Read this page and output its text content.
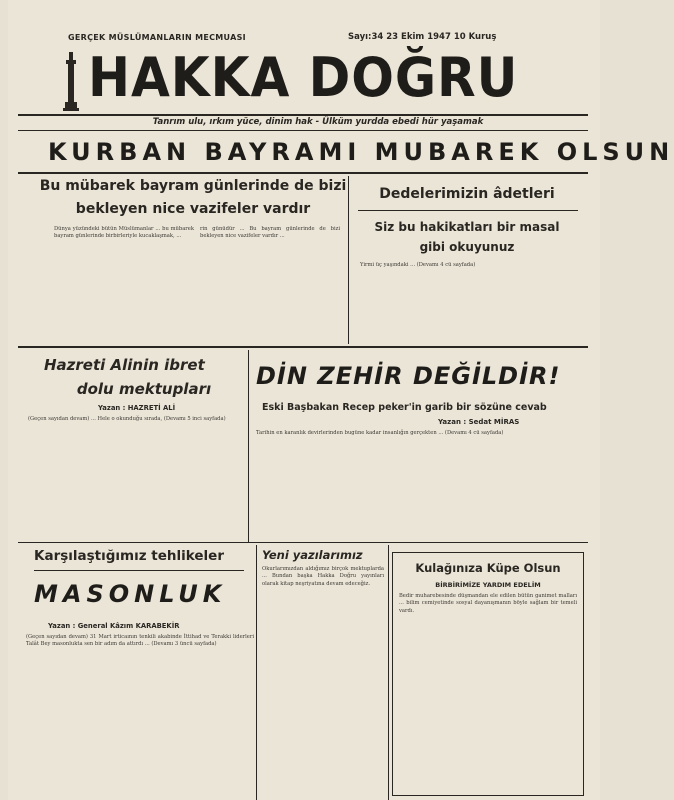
GERÇEK MÜSLÜMANLARIN MECMUASI	Sayı:34 23 Ekim 1947 10 Kuruş
HAKKA DOĞRU
Tanrım ulu, ırkım yüce, dinim hak - Ülküm yurdda ebedi hür yaşamak
KURBAN BAYRAMI MUBAREK OLSUN
Bu mübarek bayram günlerinde de bizi
bekleyen nice vazifeler vardır
Dünya yüzündeki bütün Müslümanlar ... bu mübarek bayram günlerinde birbirleriyle kucaklaşmak, ...
rin günüdür ... Bu bayram günlerinde de bizi bekleyen nice vazifeler vardır ...
Dedelerimizin âdetleri
Siz bu hakikatları bir masal
gibi okuyunuz
Yirmi üç yaşındaki ... (Devamı 4 cü sayfada)
Hazreti Alinin ibret
dolu mektupları
Yazan : HAZRETİ ALİ
(Geçen sayıdan devam) ... Hele o okunduğu sırada, (Devamı 5 inci sayfada)
DİN ZEHİR DEĞİLDİR!
Eski Başbakan Recep peker'in garib bir sözüne cevab
Yazan : Sedat MİRAS
Tarihin en karanlık devirlerinden bugüne kadar insanlığın gerçekten ... (Devamı 4 cü sayfada)
Karşılaştığımız tehlikeler
MASONLUK
Yazan : General Kâzım KARABEKİR
(Geçen sayıdan devam) 31 Mart irticaının tenkili akabinde İttihad ve Terakki liderleri Talât Bey masonlukta sen bir adım da attırdı ... (Devamı 3 üncü sayfada)
Yeni yazılarımız
Okurlarımızdan aldığımız birçok mektuplarda ... Bundan başka Hakka Doğru yayınları olarak kitap neşriyatına devam edeceğiz.
Kulağınıza Küpe Olsun
BİRBİRİMİZE YARDIM EDELİM
Bedir muharebesinde düşmandan ele edilen bütün ganimet malları ... bilim cemiyetinde sosyal dayanışmanın böyle sağlam bir temeli vardı.
